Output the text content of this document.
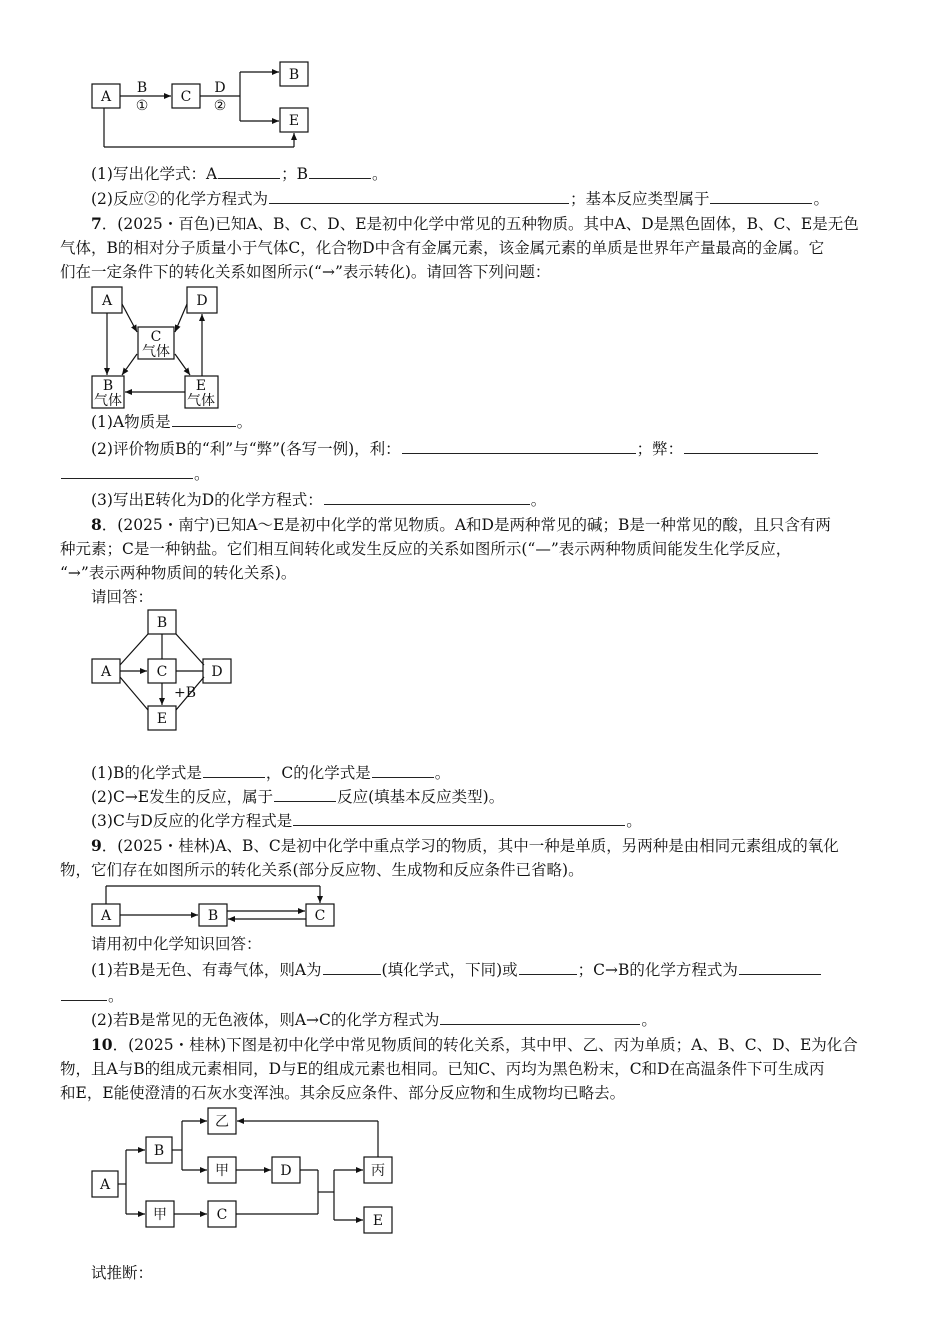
A	C
B
E
B
①
D
②
A	D
C
气体
B
气体
E
气体
B
A	C	D
E
+B
A	B	C
A
B
乙
甲	D	丙
甲	C	E
(1)写出化学式：A	；B	。
(2)反应②的化学方程式为	；基本反应类型属于	。
7．(2025・百色)已知A、B、C、D、E是初中化学中常见的五种物质。其中A、D是黑色固体，B、C、E是无色
气体，B的相对分子质量小于气体C，化合物D中含有金属元素，该金属元素的单质是世界年产量最高的金属。它
们在一定条件下的转化关系如图所示(“→”表示转化)。请回答下列问题：
(1)A物质是	。
(2)评价物质B的“利”与“弊”(各写一例)，利：	；弊：
。
(3)写出E转化为D的化学方程式：	。
8．(2025・南宁)已知A～E是初中化学的常见物质。A和D是两种常见的碱；B是一种常见的酸，且只含有两
种元素；C是一种钠盐。它们相互间转化或发生反应的关系如图所示(“—”表示两种物质间能发生化学反应，
“→”表示两种物质间的转化关系)。
请回答：
(1)B的化学式是	，C的化学式是	。
(2)C→E发生的反应，属于	反应(填基本反应类型)。
(3)C与D反应的化学方程式是	。
9．(2025・桂林)A、B、C是初中化学中重点学习的物质，其中一种是单质，另两种是由相同元素组成的氧化
物，它们存在如图所示的转化关系(部分反应物、生成物和反应条件已省略)。
请用初中化学知识回答：
(1)若B是无色、有毒气体，则A为	(填化学式，下同)或	；C→B的化学方程式为
。
(2)若B是常见的无色液体，则A→C的化学方程式为	。
10．(2025・桂林)下图是初中化学中常见物质间的转化关系，其中甲、乙、丙为单质；A、B、C、D、E为化合
物，且A与B的组成元素相同，D与E的组成元素也相同。已知C、丙均为黑色粉末，C和D在高温条件下可生成丙
和E，E能使澄清的石灰水变浑浊。其余反应条件、部分反应物和生成物均已略去。
试推断：
